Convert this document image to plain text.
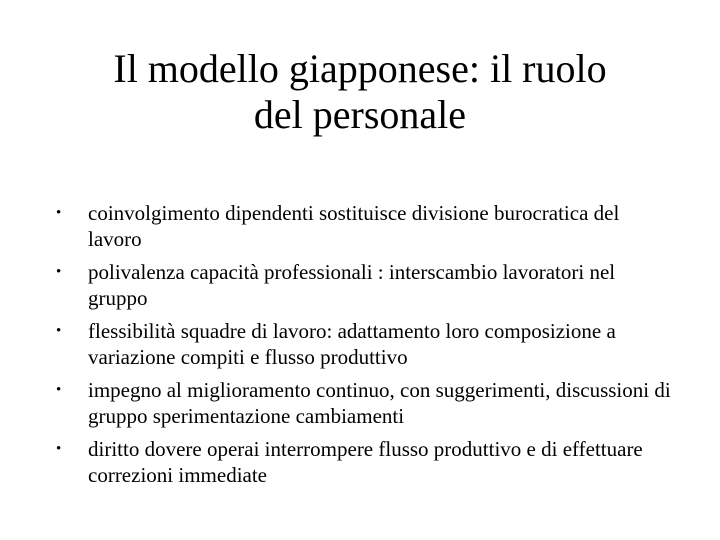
Il modello giapponese: il ruolo
del personale
•	coinvolgimento dipendenti sostituisce divisione burocratica del lavoro
•	polivalenza capacità professionali : interscambio lavoratori nel gruppo
•	flessibilità squadre di lavoro: adattamento loro composizione a variazione compiti e flusso produttivo
•	impegno al miglioramento continuo, con suggerimenti, discussioni di gruppo sperimentazione cambiamenti
•	diritto dovere operai interrompere flusso produttivo e di effettuare correzioni immediate
